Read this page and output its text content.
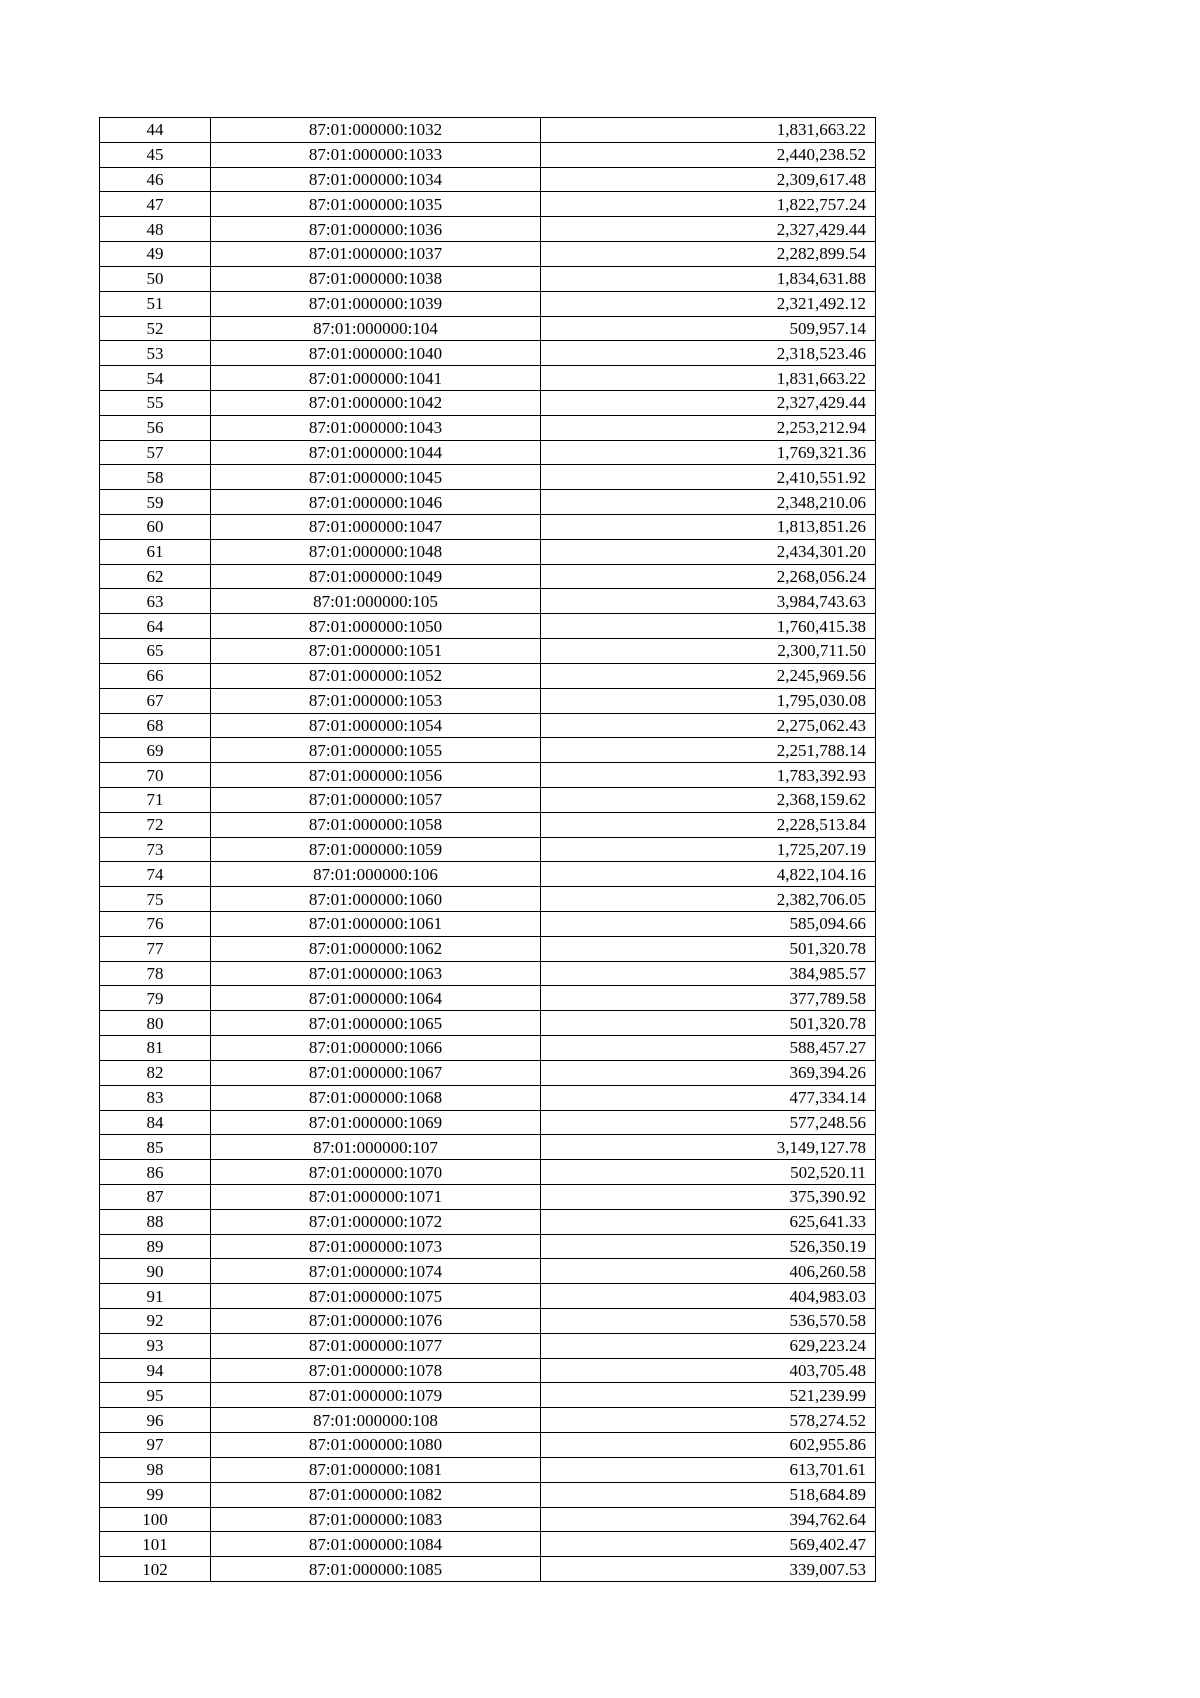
44	87:01:000000:1032	1,831,663.22
45	87:01:000000:1033	2,440,238.52
46	87:01:000000:1034	2,309,617.48
47	87:01:000000:1035	1,822,757.24
48	87:01:000000:1036	2,327,429.44
49	87:01:000000:1037	2,282,899.54
50	87:01:000000:1038	1,834,631.88
51	87:01:000000:1039	2,321,492.12
52	87:01:000000:104	509,957.14
53	87:01:000000:1040	2,318,523.46
54	87:01:000000:1041	1,831,663.22
55	87:01:000000:1042	2,327,429.44
56	87:01:000000:1043	2,253,212.94
57	87:01:000000:1044	1,769,321.36
58	87:01:000000:1045	2,410,551.92
59	87:01:000000:1046	2,348,210.06
60	87:01:000000:1047	1,813,851.26
61	87:01:000000:1048	2,434,301.20
62	87:01:000000:1049	2,268,056.24
63	87:01:000000:105	3,984,743.63
64	87:01:000000:1050	1,760,415.38
65	87:01:000000:1051	2,300,711.50
66	87:01:000000:1052	2,245,969.56
67	87:01:000000:1053	1,795,030.08
68	87:01:000000:1054	2,275,062.43
69	87:01:000000:1055	2,251,788.14
70	87:01:000000:1056	1,783,392.93
71	87:01:000000:1057	2,368,159.62
72	87:01:000000:1058	2,228,513.84
73	87:01:000000:1059	1,725,207.19
74	87:01:000000:106	4,822,104.16
75	87:01:000000:1060	2,382,706.05
76	87:01:000000:1061	585,094.66
77	87:01:000000:1062	501,320.78
78	87:01:000000:1063	384,985.57
79	87:01:000000:1064	377,789.58
80	87:01:000000:1065	501,320.78
81	87:01:000000:1066	588,457.27
82	87:01:000000:1067	369,394.26
83	87:01:000000:1068	477,334.14
84	87:01:000000:1069	577,248.56
85	87:01:000000:107	3,149,127.78
86	87:01:000000:1070	502,520.11
87	87:01:000000:1071	375,390.92
88	87:01:000000:1072	625,641.33
89	87:01:000000:1073	526,350.19
90	87:01:000000:1074	406,260.58
91	87:01:000000:1075	404,983.03
92	87:01:000000:1076	536,570.58
93	87:01:000000:1077	629,223.24
94	87:01:000000:1078	403,705.48
95	87:01:000000:1079	521,239.99
96	87:01:000000:108	578,274.52
97	87:01:000000:1080	602,955.86
98	87:01:000000:1081	613,701.61
99	87:01:000000:1082	518,684.89
100	87:01:000000:1083	394,762.64
101	87:01:000000:1084	569,402.47
102	87:01:000000:1085	339,007.53
